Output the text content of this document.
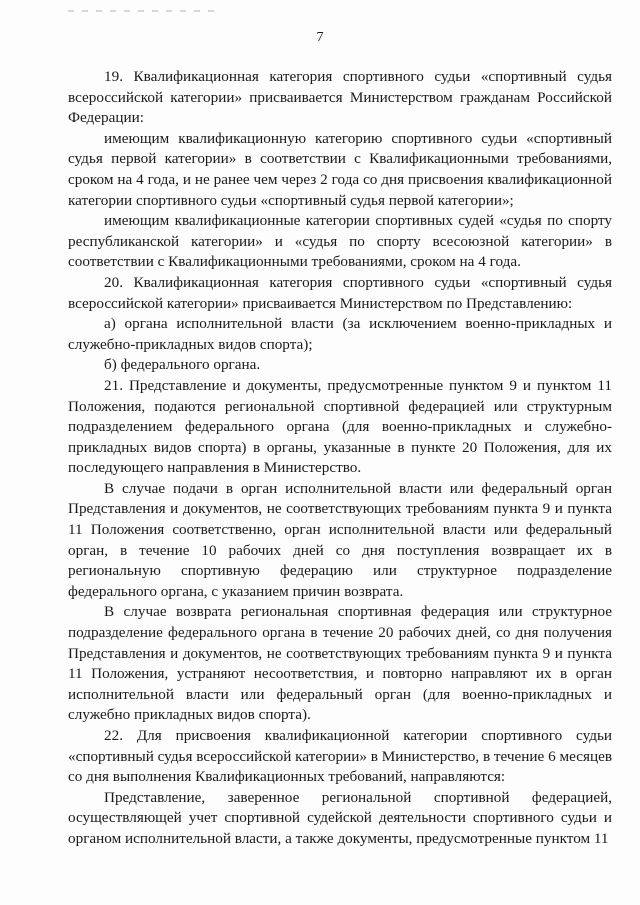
7

19. Квалификационная категория спортивного судьи «спортивный судья всероссийской категории» присваивается Министерством гражданам Российской Федерации:

имеющим квалификационную категорию спортивного судьи «спортивный судья первой категории» в соответствии с Квалификационными требованиями, сроком на 4 года, и не ранее чем через 2 года со дня присвоения квалификационной категории спортивного судьи «спортивный судья первой категории»;

имеющим квалификационные категории спортивных судей «судья по спорту республиканской категории» и «судья по спорту всесоюзной категории» в соответствии с Квалификационными требованиями, сроком на 4 года.

20. Квалификационная категория спортивного судьи «спортивный судья всероссийской категории» присваивается Министерством по Представлению:

а) органа исполнительной власти (за исключением военно-прикладных и служебно-прикладных видов спорта);

б) федерального органа.

21. Представление и документы, предусмотренные пунктом 9 и пунктом 11 Положения, подаются региональной спортивной федерацией или структурным подразделением федерального органа (для военно-прикладных и служебно-прикладных видов спорта) в органы, указанные в пункте 20 Положения, для их последующего направления в Министерство.

В случае подачи в орган исполнительной власти или федеральный орган Представления и документов, не соответствующих требованиям пункта 9 и пункта 11 Положения соответственно, орган исполнительной власти или федеральный орган, в течение 10 рабочих дней со дня поступления возвращает их в региональную спортивную федерацию или структурное подразделение федерального органа, с указанием причин возврата.

В случае возврата региональная спортивная федерация или структурное подразделение федерального органа в течение 20 рабочих дней, со дня получения Представления и документов, не соответствующих требованиям пункта 9 и пункта 11 Положения, устраняют несоответствия, и повторно направляют их в орган исполнительной власти или федеральный орган (для военно-прикладных и служебно прикладных видов спорта).

22. Для присвоения квалификационной категории спортивного судьи «спортивный судья всероссийской категории» в Министерство, в течение 6 месяцев со дня выполнения Квалификационных требований, направляются:

Представление, заверенное региональной спортивной федерацией, осуществляющей учет спортивной судейской деятельности спортивного судьи и органом исполнительной власти, а также документы, предусмотренные пунктом 11
